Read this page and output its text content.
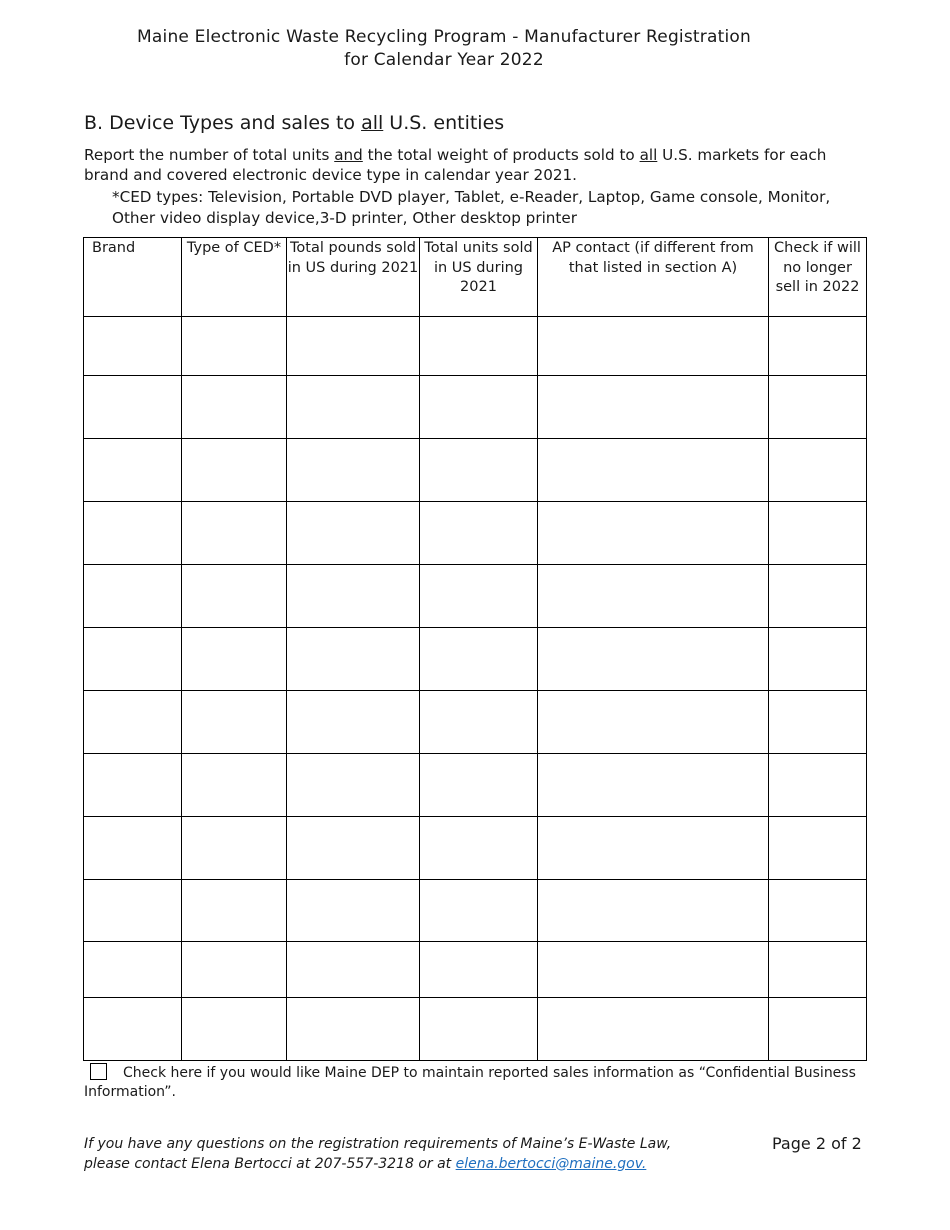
Maine Electronic Waste Recycling Program - Manufacturer Registration
for Calendar Year 2022
B. Device Types and sales to all U.S. entities
Report the number of total units and the total weight of products sold to all U.S. markets for each brand and covered electronic device type in calendar year 2021.
*CED types: Television, Portable DVD player, Tablet, e-Reader, Laptop, Game console, Monitor, Other video display device,3-D printer, Other desktop printer
Brand	Type of CED*	Total pounds sold in US during 2021	Total units sold in US during 2021	AP contact (if different from that listed in section A)	Check if will no longer sell in 2022

Check here if you would like Maine DEP to maintain reported sales information as “Confidential Business Information”.
If you have any questions on the registration requirements of Maine’s E-Waste Law,
please contact Elena Bertocci at 207-557-3218 or at elena.bertocci@maine.gov.
Page 2 of 2
